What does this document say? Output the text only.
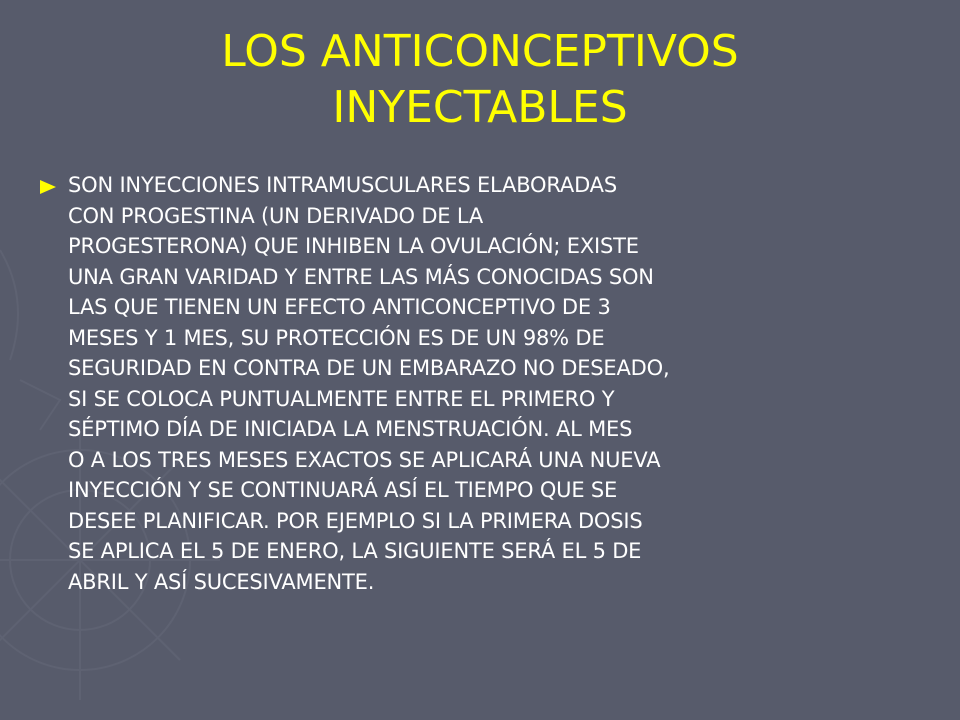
LOS ANTICONCEPTIVOS
INYECTABLES

SON INYECCIONES INTRAMUSCULARES ELABORADAS
CON PROGESTINA (UN DERIVADO DE LA
PROGESTERONA) QUE INHIBEN LA OVULACIÓN; EXISTE
UNA GRAN VARIDAD Y ENTRE LAS MÁS CONOCIDAS SON
LAS QUE TIENEN UN EFECTO ANTICONCEPTIVO DE 3
MESES Y 1 MES, SU PROTECCIÓN ES DE UN 98% DE
SEGURIDAD EN CONTRA DE UN EMBARAZO NO DESEADO,
SI SE COLOCA PUNTUALMENTE ENTRE EL PRIMERO Y
SÉPTIMO DÍA DE INICIADA LA MENSTRUACIÓN. AL MES
O A LOS TRES MESES EXACTOS SE APLICARÁ UNA NUEVA
INYECCIÓN Y SE CONTINUARÁ ASÍ EL TIEMPO QUE SE
DESEE PLANIFICAR. POR EJEMPLO SI LA PRIMERA DOSIS
SE APLICA EL 5 DE ENERO, LA SIGUIENTE SERÁ EL 5 DE
ABRIL Y ASÍ SUCESIVAMENTE.
